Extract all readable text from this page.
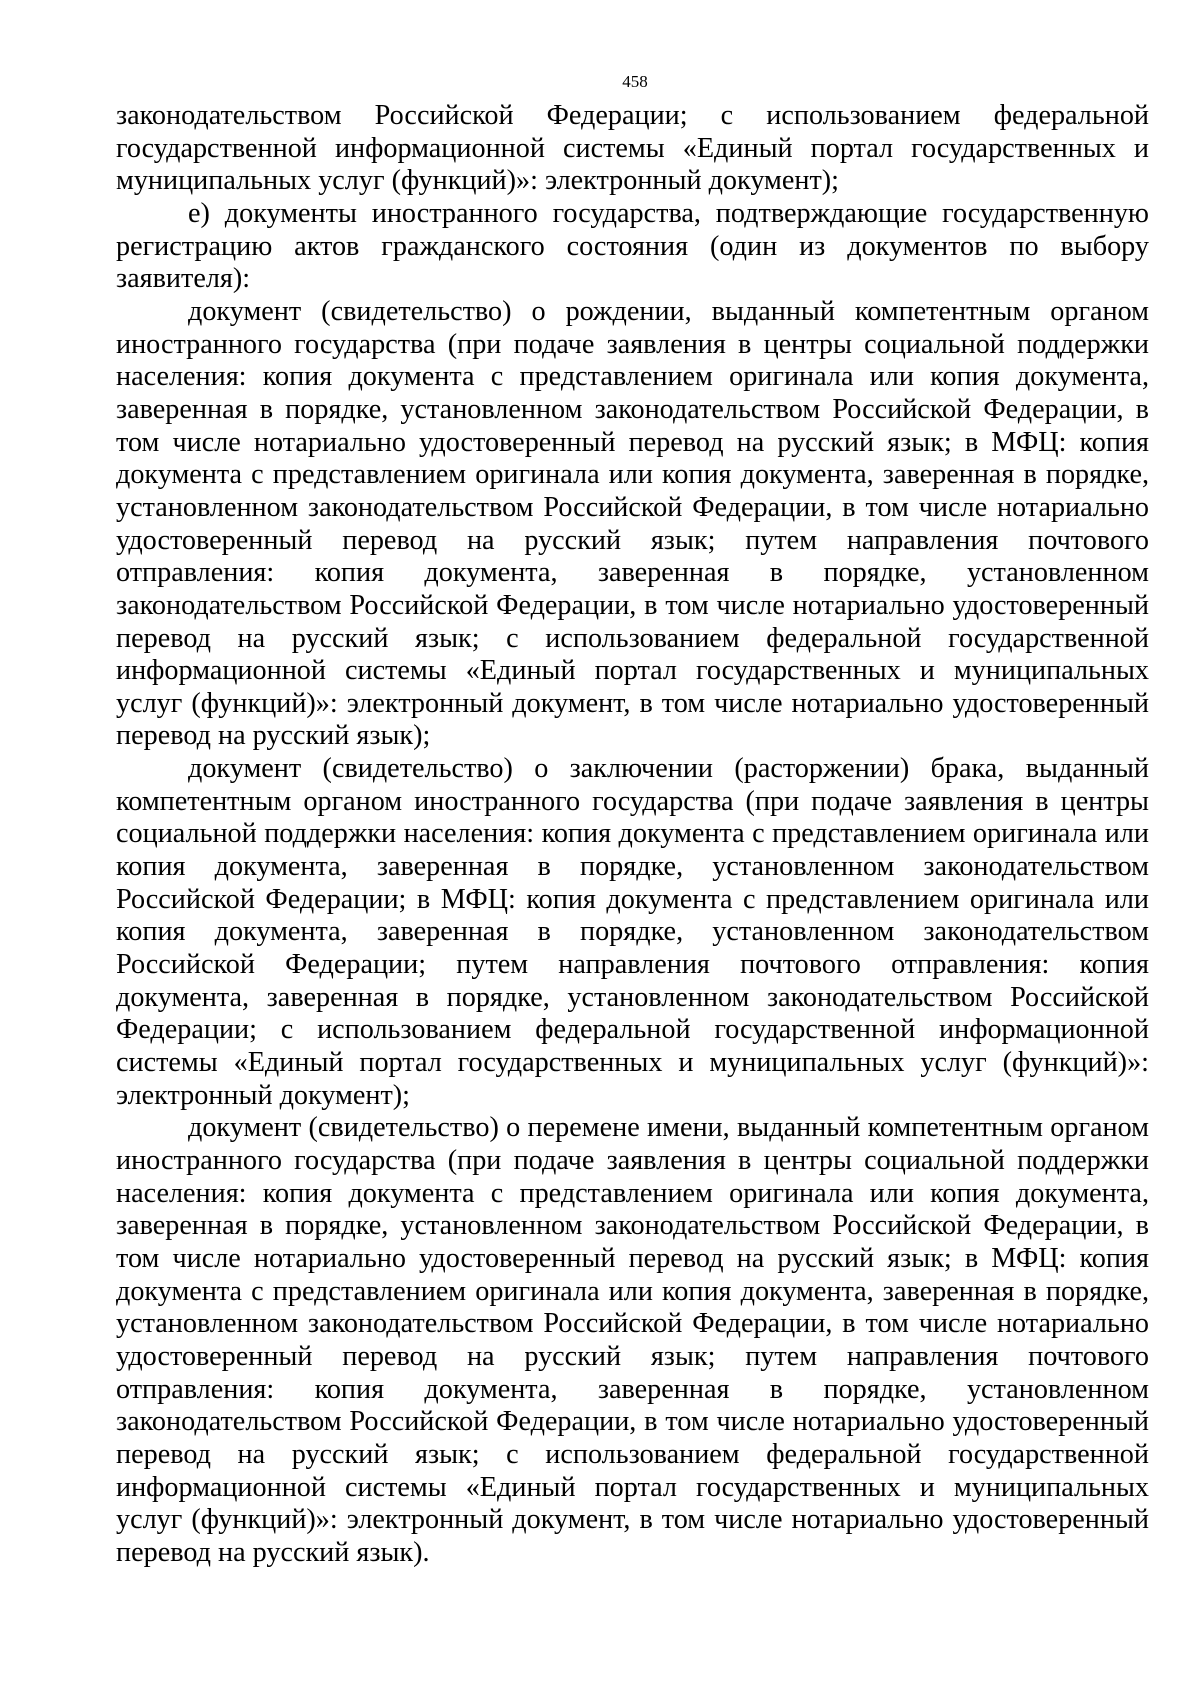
458

законодательством Российской Федерации; с использованием федеральной государственной информационной системы «Единый портал государственных и муниципальных услуг (функций)»: электронный документ);

е) документы иностранного государства, подтверждающие государственную регистрацию актов гражданского состояния (один из документов по выбору заявителя):

документ (свидетельство) о рождении, выданный компетентным органом иностранного государства (при подаче заявления в центры социальной поддержки населения: копия документа с представлением оригинала или копия документа, заверенная в порядке, установленном законодательством Российской Федерации, в том числе нотариально удостоверенный перевод на русский язык; в МФЦ: копия документа с представлением оригинала или копия документа, заверенная в порядке, установленном законодательством Российской Федерации, в том числе нотариально удостоверенный перевод на русский язык; путем направления почтового отправления: копия документа, заверенная в порядке, установленном законодательством Российской Федерации, в том числе нотариально удостоверенный перевод на русский язык; с использованием федеральной государственной информационной системы «Единый портал государственных и муниципальных услуг (функций)»: электронный документ, в том числе нотариально удостоверенный перевод на русский язык);

документ (свидетельство) о заключении (расторжении) брака, выданный компетентным органом иностранного государства (при подаче заявления в центры социальной поддержки населения: копия документа с представлением оригинала или копия документа, заверенная в порядке, установленном законодательством Российской Федерации; в МФЦ: копия документа с представлением оригинала или копия документа, заверенная в порядке, установленном законодательством Российской Федерации; путем направления почтового отправления: копия документа, заверенная в порядке, установленном законодательством Российской Федерации; с использованием федеральной государственной информационной системы «Единый портал государственных и муниципальных услуг (функций)»: электронный документ);

документ (свидетельство) о перемене имени, выданный компетентным органом иностранного государства (при подаче заявления в центры социальной поддержки населения: копия документа с представлением оригинала или копия документа, заверенная в порядке, установленном законодательством Российской Федерации, в том числе нотариально удостоверенный перевод на русский язык; в МФЦ: копия документа с представлением оригинала или копия документа, заверенная в порядке, установленном законодательством Российской Федерации, в том числе нотариально удостоверенный перевод на русский язык; путем направления почтового отправления: копия документа, заверенная в порядке, установленном законодательством Российской Федерации, в том числе нотариально удостоверенный перевод на русский язык; с использованием федеральной государственной информационной системы «Единый портал государственных и муниципальных услуг (функций)»: электронный документ, в том числе нотариально удостоверенный перевод на русский язык).
